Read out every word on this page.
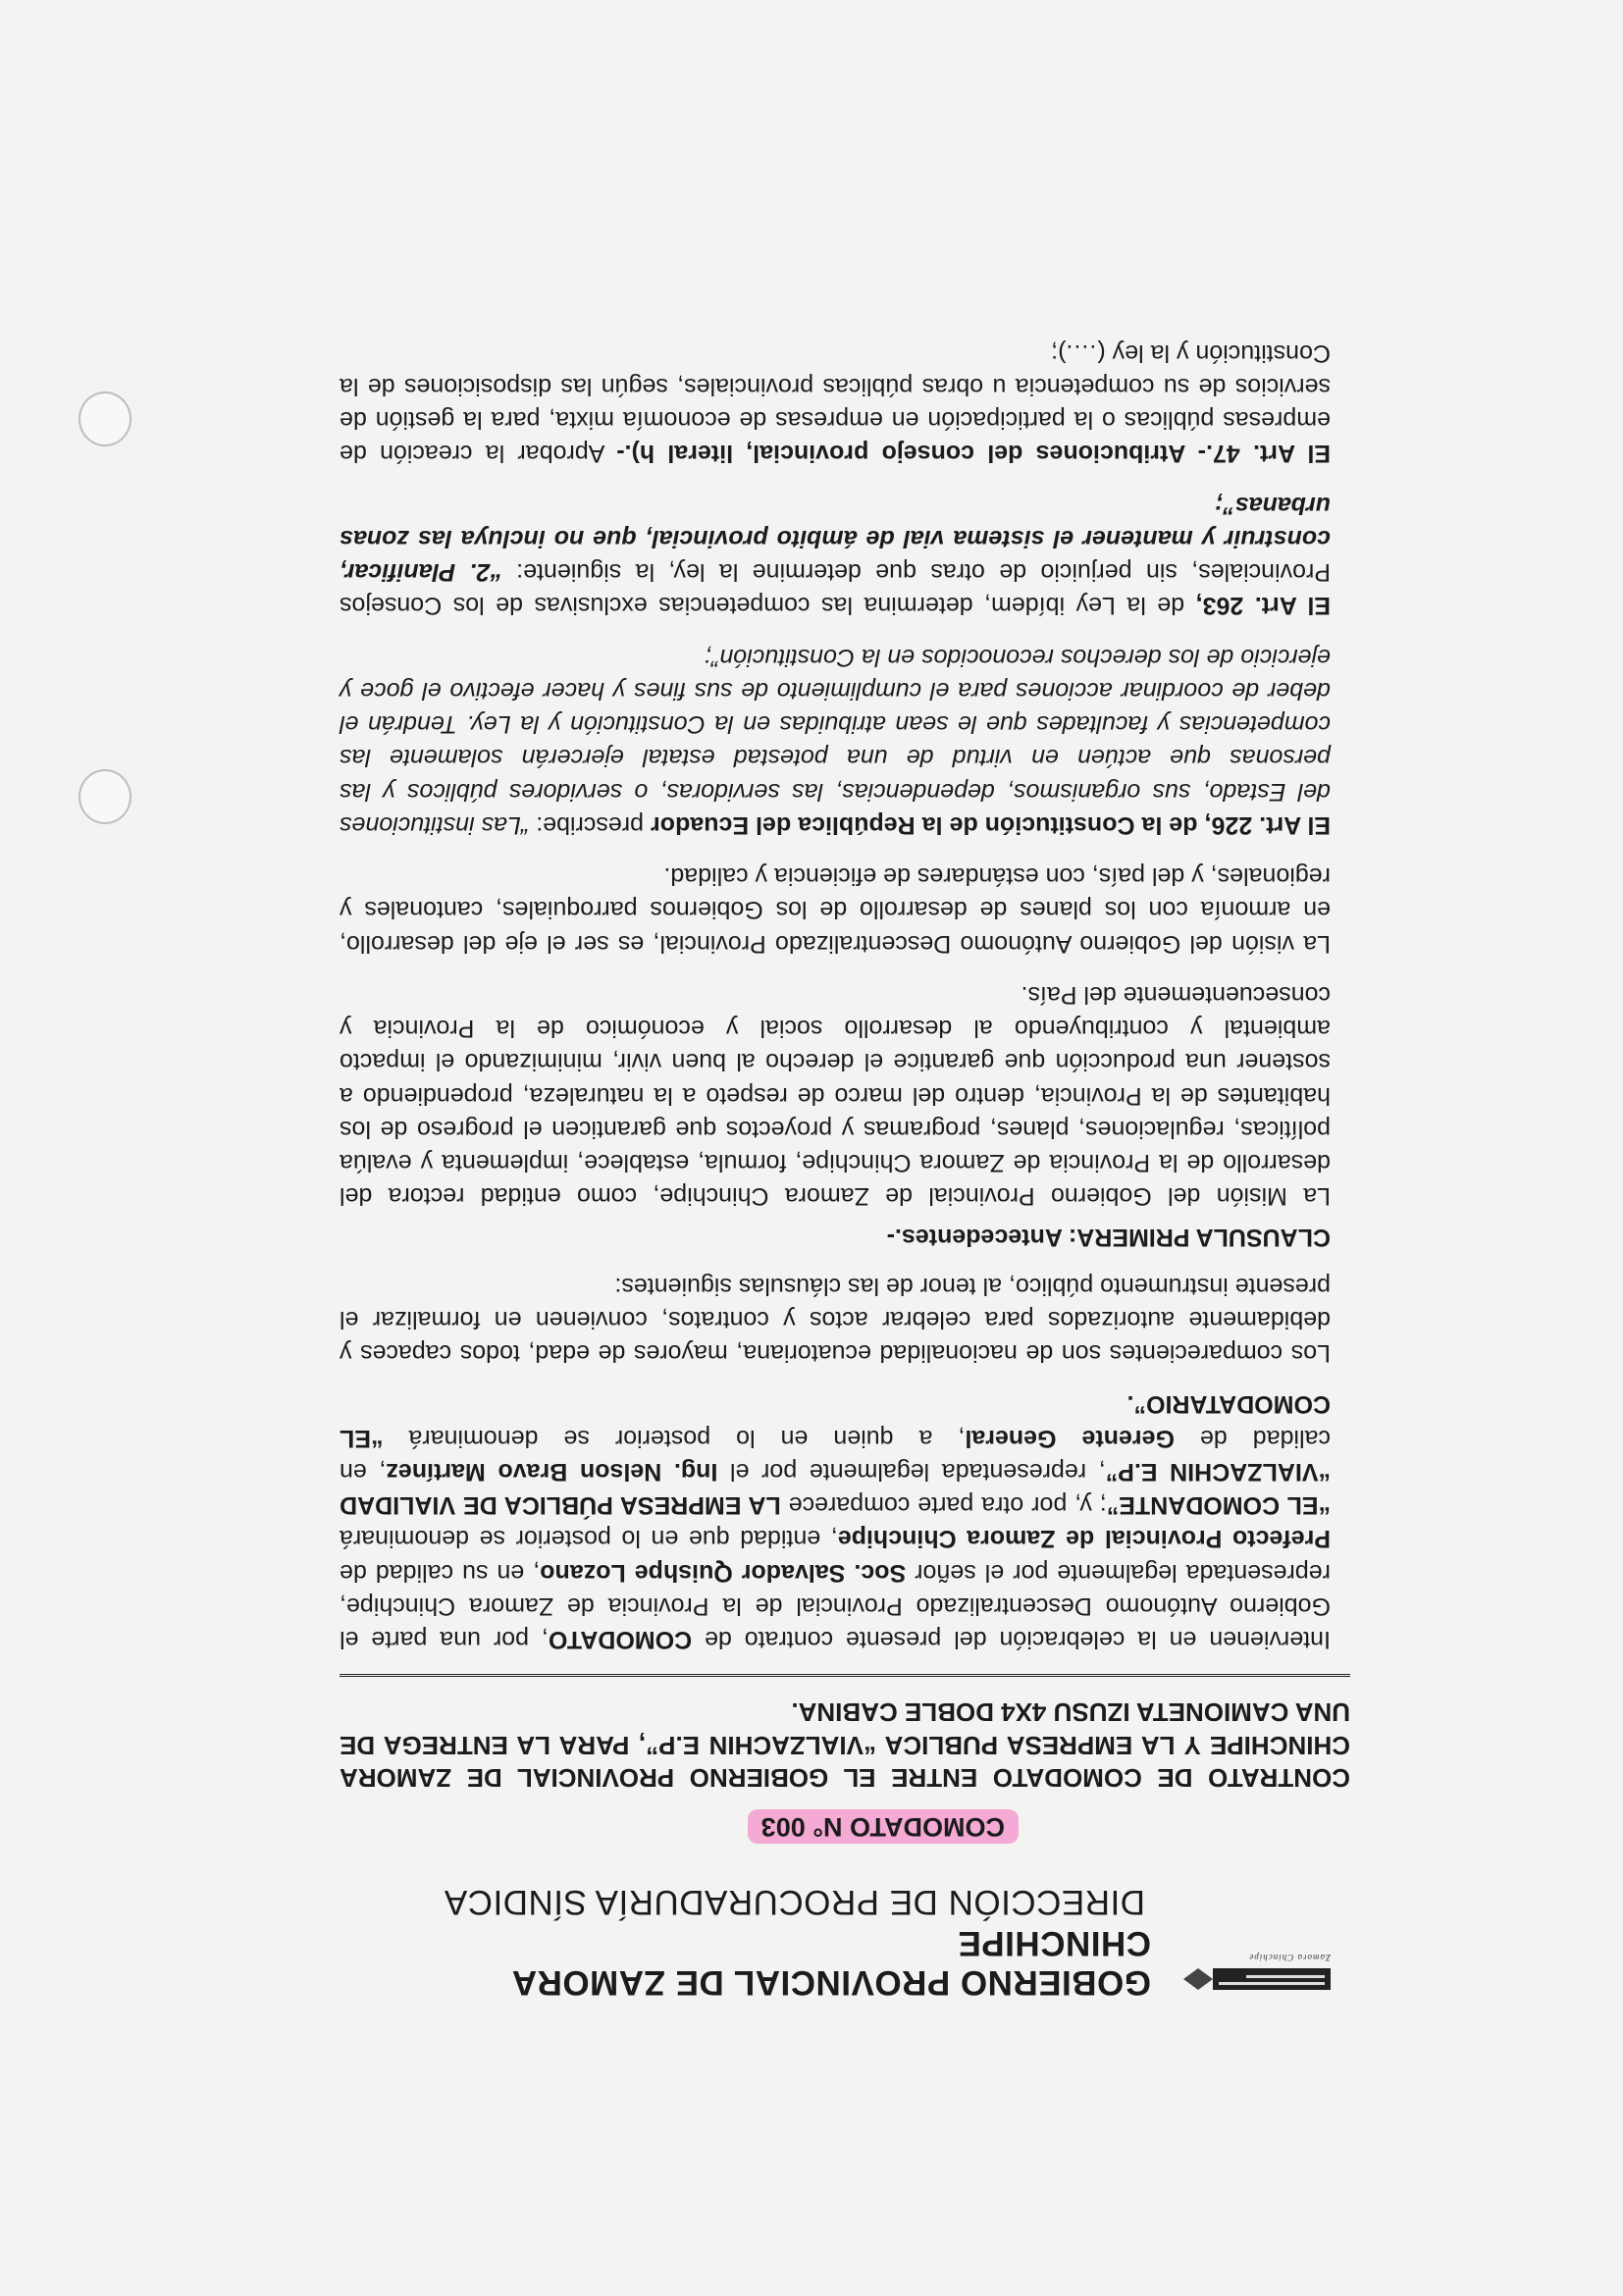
Zamora Chinchipe
GOBIERNO PROVINCIAL DE ZAMORA CHINCHIPE
DIRECCIÓN DE PROCURADURÍA SÍNDICA
COMODATO N° 003
CONTRATO DE COMODATO ENTRE EL GOBIERNO PROVINCIAL DE ZAMORA CHINCHIPE Y LA EMPRESA PUBLICA “VIALZACHIN E.P”, PARA LA ENTREGA DE UNA CAMIONETA IZUSU 4X4 DOBLE CABINA.

Intervienen en la celebración del presente contrato de COMODATO, por una parte el Gobierno Autónomo Descentralizado Provincial de la Provincia de Zamora Chinchipe, representada legalmente por el señor Soc. Salvador Quishpe Lozano, en su calidad de Prefecto Provincial de Zamora Chinchipe, entidad que en lo posterior se denominará “EL COMODANTE”; y, por otra parte comparece LA EMPRESA PÚBLICA DE VIALIDAD “VIALZACHIN E.P”, representada legalmente por el Ing. Nelson Bravo Martínez, en calidad de Gerente General, a quien en lo posterior se denominará “EL COMODATARIO”.

Los comparecientes son de nacionalidad ecuatoriana, mayores de edad, todos capaces y debidamente autorizados para celebrar actos y contratos, convienen en formalizar el presente instrumento público, al tenor de las cláusulas siguientes:

CLAUSULA PRIMERA: Antecedentes.-

La Misión del Gobierno Provincial de Zamora Chinchipe, como entidad rectora del desarrollo de la Provincia de Zamora Chinchipe, formula, establece, implementa y evalúa políticas, regulaciones, planes, programas y proyectos que garanticen el progreso de los habitantes de la Provincia, dentro del marco de respeto a la naturaleza, propendiendo a sostener una producción que garantice el derecho al buen vivir, minimizando el impacto ambiental y contribuyendo al desarrollo social y económico de la Provincia y consecuentemente del País.

La visión del Gobierno Autónomo Descentralizado Provincial, es ser el eje del desarrollo, en armonía con los planes de desarrollo de los Gobiernos parroquiales, cantonales y regionales, y del país, con estándares de eficiencia y calidad.

El Art. 226, de la Constitución de la República del Ecuador prescribe: “Las instituciones del Estado, sus organismos, dependencias, las servidoras, o servidores públicos y las personas que actúen en virtud de una potestad estatal ejercerán solamente las competencias y facultades que le sean atribuidas en la Constitución y la Ley. Tendrán el deber de coordinar acciones para el cumplimiento de sus fines y hacer efectivo el goce y ejercicio de los derechos reconocidos en la Constitución”;

El Art. 263, de la Ley ibídem, determina las competencias exclusivas de los Consejos Provinciales, sin perjuicio de otras que determine la ley, la siguiente: “2. Planificar, construir y mantener el sistema vial de ámbito provincial, que no incluya las zonas urbanas”;

El Art. 47.- Atribuciones del consejo provincial, literal h).- Aprobar la creación de empresas públicas o la participación en empresas de economía mixta, para la gestión de servicios de su competencia u obras públicas provinciales, según las disposiciones de la Constitución y la ley (….);
